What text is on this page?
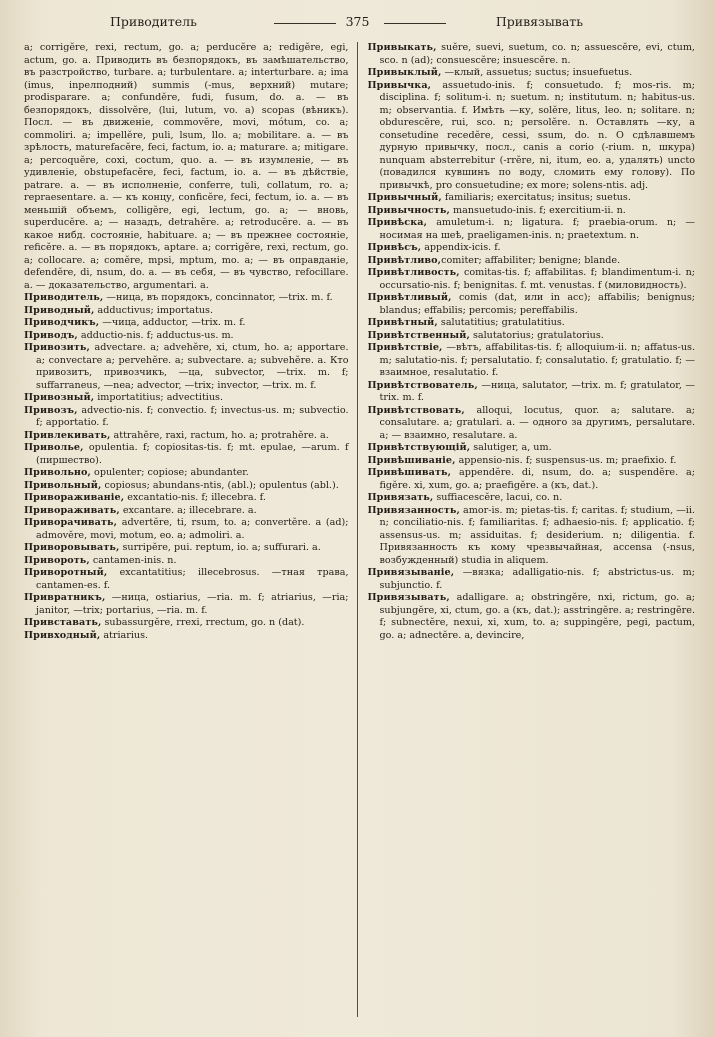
Приводитель	375	Привязывать

a; corrigĕre, rexi, rectum, go. a; perducĕre a; redigĕre, egi, actum, go. a. Приводить въ безпорядокъ, въ замѣшательство, въ разстройство, turbare. a; turbulentare. a; interturbare. a; ima (imus, inpeлподний) summis (-mus, верхний) mutare; prodisparare. a; confundĕre, fudi, fusum, do. a. — въ безпорядокъ, dissolvĕre, (lui, lutum, vo. a) scopas (вѣникъ). Посл. — въ движеніе, commovĕre, movi, mótum, co. a; commoliri. a; impellĕre, puli, lsum, llo. a; mobilitare. a. — въ зрѣлость, maturefacĕre, feci, factum, io. a; maturare. a; mitigare. a; percoquĕre, coxi, coctum, quo. a. — въ изумленіе, — въ удивленіе, obstupefacĕre, feci, factum, io. a. — въ дѣйствіе, patrare. a. — въ исполненіе, conferre, tuli, collatum, ro. a; repraesentare. a. — къ концу, conficĕre, feci, fectum, io. a. — въ меньшій объемъ, colligĕre, egi, lectum, go. a; — вновь, superducĕre. a; — назадъ, detrahĕre. a; retroducĕre. a. — въ какое нибд. состояніе, habituare. a; — въ прежнее состояніе, reficĕre. a. — въ порядокъ, aptare. a; corrigĕre, rexi, rectum, go. a; collocare. a; comĕre, mpsi, mptum, mo. a; — въ оправданіе, defendĕre, di, nsum, do. a. — въ себя, — въ чувство, refocillare. a. — доказательство, argumentari. a.

Приводитель, —ница, въ порядокъ, concinnator, —trix. m. f.

Приводный, adductivus; importatus.

Приводчикъ, —чица, adductor, —trix. m. f.

Приводъ, adductio-nis. f; adductus-us. m.

Привозить, advectare. a; advehĕre, xi, ctum, ho. a; apportare. a; convectare a; pervehĕre. a; subvectare. a; subvehĕre. a. Кто привозитъ, привозчикъ, —ца, subvector, —trix. m. f; suffarraneus, —nea; advector, —trix; invector, —trix. m. f.

Привозный, importatitius; advectitius.

Привозъ, advectio-nis. f; convectio. f; invectus-us. m; subvectio. f; apportatio. f.

Привлекивать, attrahĕre, raxi, ractum, ho. a; protrahĕre. a.

Привольe, opulentia. f; copiositas-tis. f; mt. epulae, —arum. f (пиршество).

Привольно, opulenter; copiose; abundanter.

Привольный, copiosus; abundans-ntis, (abl.); opulentus (abl.).

Привораживаніе, excantatio-nis. f; illecebra. f.

Привораживать, excantare. a; illecebrare. a.

Приворачивать, advertĕre, ti, rsum, to. a; convertĕre. a (ad); admovĕre, movi, motum, eo. a; admoliri. a.

Приворовывать, surripĕre, pui. reptum, io. a; suffurari. a.

Привороть, cantamen-inis. n.

Приворотный, excantatitius; illecebrosus. —тная трава, cantamen-es. f.

Привратникъ, —ница, ostiarius, —ria. m. f; atriarius, —ria; janitor, —trix; portarius, —ria. m. f.

Привставать, subassurgĕre, rrexi, rrectum, go. n (dat).

Привходный, atriarius.

Привыкать, suĕre, suevi, suetum, co. n; assuescĕre, evi, ctum, sco. n (ad); consuescĕre; insuescĕre. n.

Привыклый, —клый, assuetus; suctus; insuefuetus.

Привычка, assuetudo-inis. f; consuetudo. f; mos-ris. m; disciplina. f; solitum-i. n; suetum. n; institutum. n; habitus-us. m; observantia. f. Имѣть —ку, solĕre, litus, leo. n; solitare. n; obdurescĕre, rui, sco. n; persolĕre. n. Оставлять —ку, a consetudine recedĕre, cessi, ssum, do. n. О сдѣлавшемъ дурную привычку, посл., canis a corio (-rium. n, шкура) nunquam absterrebitur (-rrĕre, ni, itum, eo. a, удалять) uncto (повадился кувшинъ по воду, сломить ему голову). По привычкѣ, pro consuetudine; ex more; solens-ntis. adj.

Привычный, familiaris; exercitatus; insitus; suetus.

Привычность, mansuetudo-inis. f; exercitium-ii. n.

Привѣска, amuletum-i. n; ligatura. f; praebia-orum. n; —носимая на шеѣ, praeligamen-inis. n; praetextum. n.

Привѣсъ, appendix-icis. f.

Привѣтливо,comiter; affabiliter; benigne; blande.

Привѣтливость, comitas-tis. f; affabilitas. f; blandimentum-i. n; occursatio-nis. f; benignitas. f. mt. venustas. f (миловидность).

Привѣтливый, comis (dat, или in acc); affabilis; benignus; blandus; effabilis; percomis; pereffabilis.

Привѣтный, salutatitius; gratulatitius.

Привѣтственный, salutatorius; gratulatorius.

Привѣтствіе, —вѣтъ, affabilitas-tis. f; alloquium-ii. n; affatus-us. m; salutatio-nis. f; persalutatio. f; consalutatio. f; gratulatio. f; — взаимное, resalutatio. f.

Привѣтствователь, —ница, salutator, —trix. m. f; gratulator, —trix. m. f.

Привѣтствовать, alloqui, locutus, quor. a; salutare. a; consalutare. a; gratulari. a. — одного за другимъ, persalutare. a; — взаимно, resalutare. a.

Привѣтствующій, salutiger, a, um.

Привѣшиваніе, appensio-nis. f; suspensus-us. m; praefixio. f.

Привѣшивать, appendĕre. di, nsum, do. a; suspendĕre. a; figĕre. xi, xum, go. a; praefigĕre. a (къ, dat.).

Привязать, suffiacescĕre, lacui, co. n.

Привязанность, amor-is. m; pietas-tis. f; caritas. f; studium, —ii. n; conciliatio-nis. f; familiaritas. f; adhaesio-nis. f; applicatio. f; assensus-us. m; assiduitas. f; desiderium. n; diligentia. f. Привязанность къ кому чрезвычайная, accensa (-nsus, возбужденный) studia in aliquem.

Привязываніе, —вязка; adalligatio-nis. f; abstrictus-us. m; subjunctio. f.

Привязывать, adalligare. a; obstringĕre, nxi, rictum, go. a; subjungĕre, xi, ctum, go. a (къ, dat.); asstringĕre. a; restringĕre. f; subnectĕre, nexui, xi, xum, to. a; suppingĕre, pegi, pactum, go. a; adnectĕre. a, devincire,
